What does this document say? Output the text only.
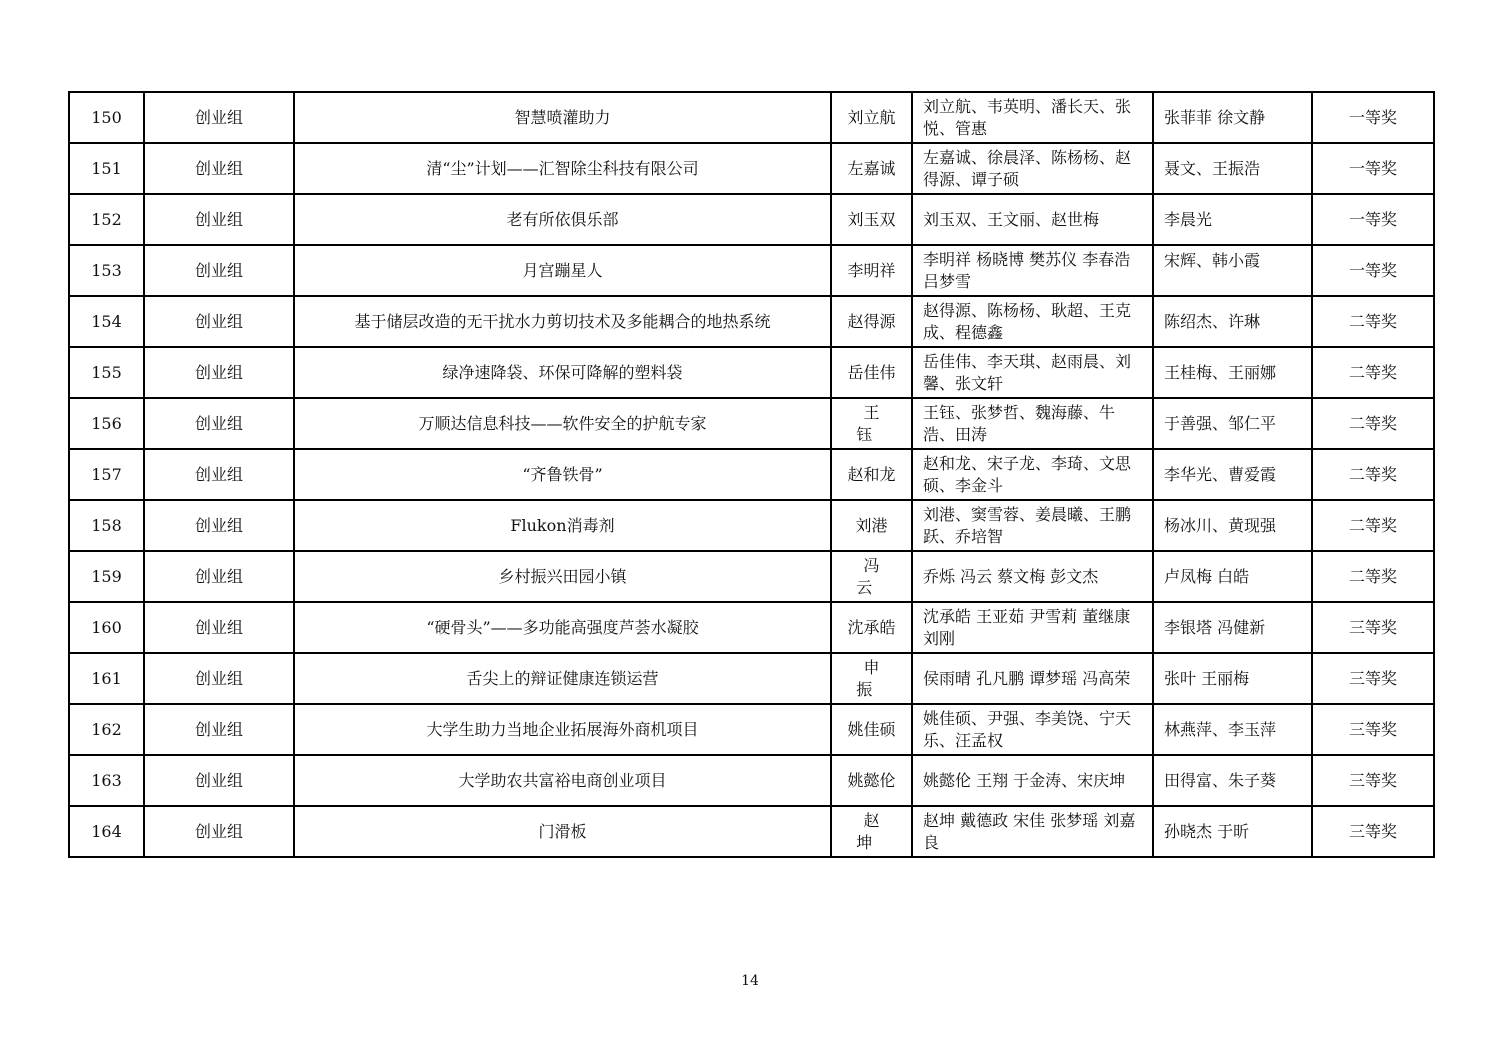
150	创业组	智慧喷灌助力	刘立航	刘立航、韦英明、潘长天、张悦、管惠	张菲菲 徐文静	一等奖
151	创业组	清“尘”计划——汇智除尘科技有限公司	左嘉诚	左嘉诚、徐晨泽、陈杨杨、赵得源、谭子硕	聂文、王振浩	一等奖
152	创业组	老有所依俱乐部	刘玉双	刘玉双、王文丽、赵世梅	李晨光	一等奖
153	创业组	月宫蹦星人	李明祥	李明祥 杨晓博 樊苏仪 李春浩 吕梦雪	宋辉、韩小霞	一等奖
154	创业组	基于储层改造的无干扰水力剪切技术及多能耦合的地热系统	赵得源	赵得源、陈杨杨、耿超、王克成、程德鑫	陈绍杰、许琳	二等奖
155	创业组	绿净速降袋、环保可降解的塑料袋	岳佳伟	岳佳伟、李天琪、赵雨晨、刘馨、张文轩	王桂梅、王丽娜	二等奖
156	创业组	万顺达信息科技——软件安全的护航专家	王钰	王钰、张梦哲、魏海藤、牛浩、田涛	于善强、邹仁平	二等奖
157	创业组	“齐鲁铁骨”	赵和龙	赵和龙、宋子龙、李琦、文思硕、李金斗	李华光、曹爱霞	二等奖
158	创业组	Flukon消毒剂	刘港	刘港、窦雪蓉、姜晨曦、王鹏跃、乔培智	杨冰川、黄现强	二等奖
159	创业组	乡村振兴田园小镇	冯云	乔烁 冯云 蔡文梅 彭文杰	卢凤梅 白皓	二等奖
160	创业组	“硬骨头”——多功能高强度芦荟水凝胶	沈承皓	沈承皓 王亚茹 尹雪莉 董继康 刘刚	李银塔 冯健新	三等奖
161	创业组	舌尖上的辩证健康连锁运营	申振	侯雨晴 孔凡鹏 谭梦瑶 冯高荣	张叶 王丽梅	三等奖
162	创业组	大学生助力当地企业拓展海外商机项目	姚佳硕	姚佳硕、尹强、李美饶、宁天乐、汪孟权	林燕萍、李玉萍	三等奖
163	创业组	大学助农共富裕电商创业项目	姚懿伦	姚懿伦 王翔 于金涛、宋庆坤	田得富、朱子葵	三等奖
164	创业组	门滑板	赵坤	赵坤 戴德政 宋佳 张梦瑶 刘嘉良	孙晓杰 于昕	三等奖
14
